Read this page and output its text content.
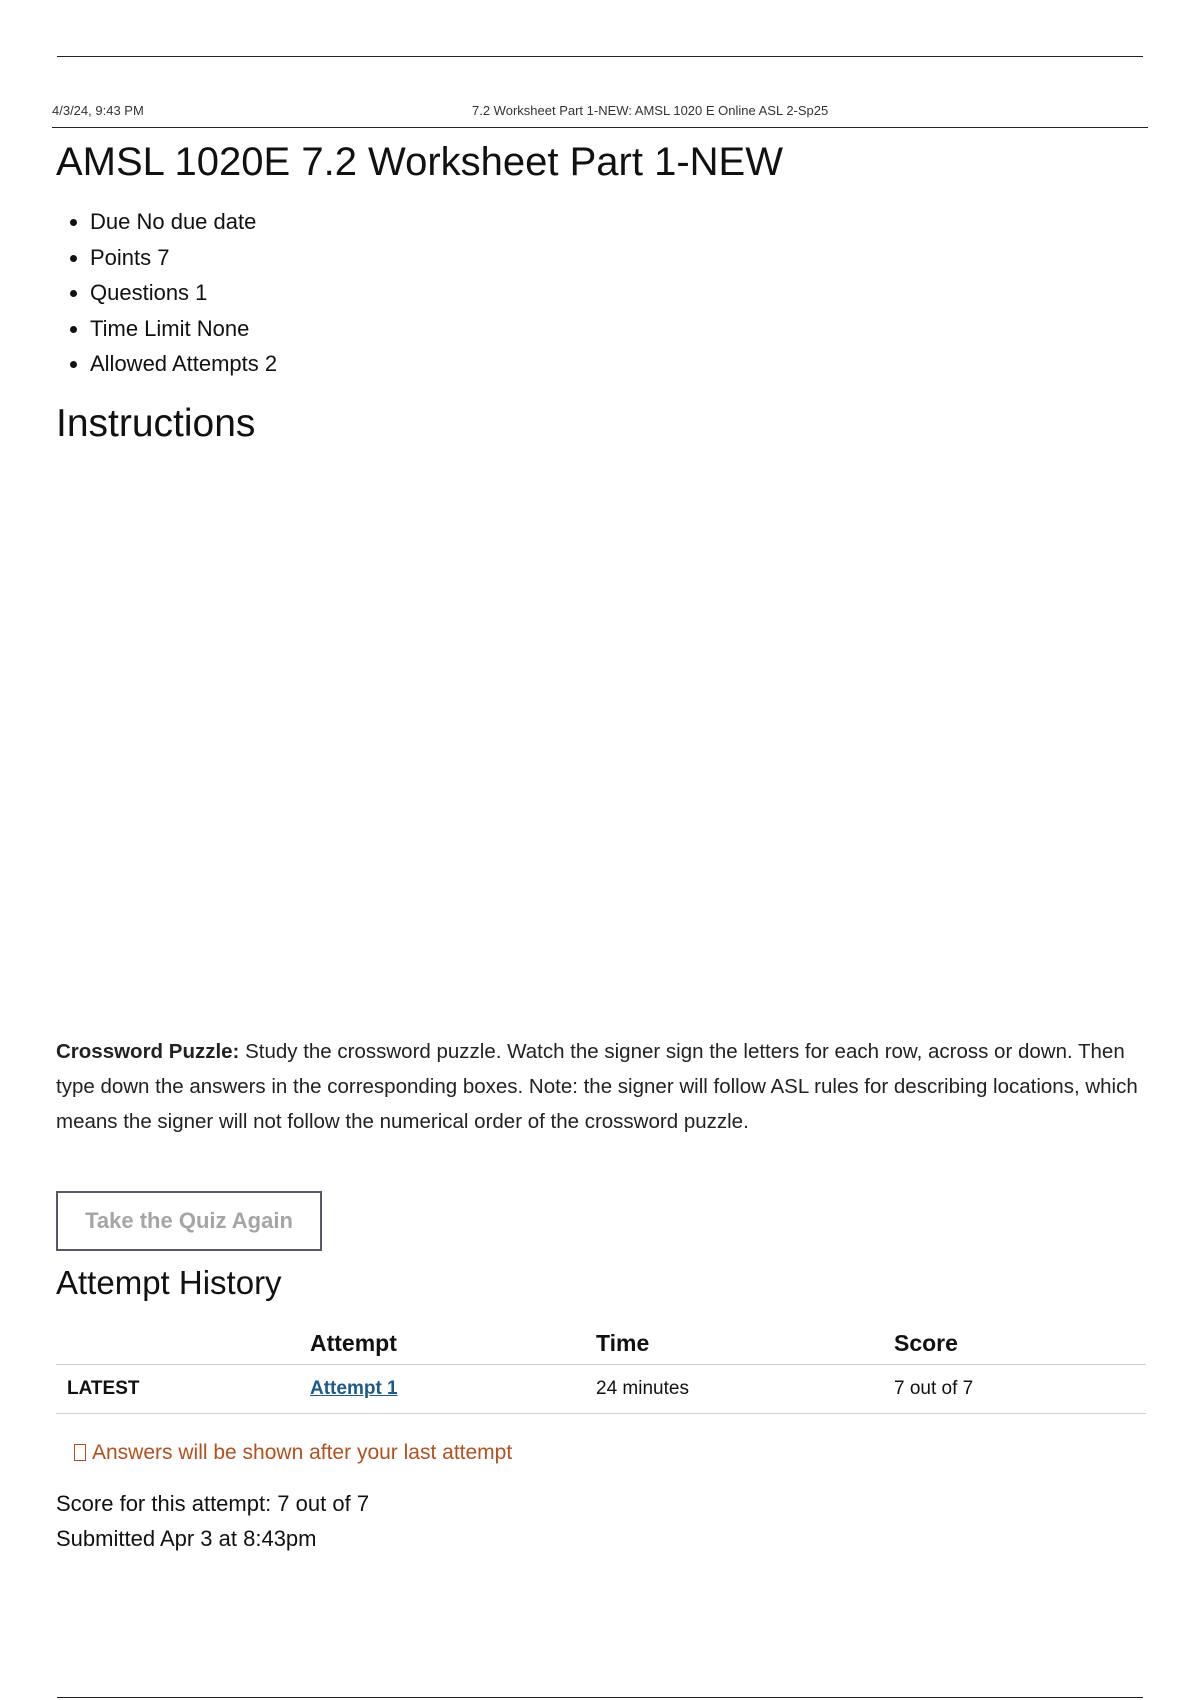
4/3/24, 9:43 PM	7.2 Worksheet Part 1-NEW: AMSL 1020 E Online ASL 2-Sp25
AMSL 1020E 7.2 Worksheet Part 1-NEW
• Due No due date
• Points 7
• Questions 1
• Time Limit None
• Allowed Attempts 2
Instructions

Crossword Puzzle: Study the crossword puzzle. Watch the signer sign the letters for each row, across or down. Then type down the answers in the corresponding boxes. Note: the signer will follow ASL rules for describing locations, which means the signer will not follow the numerical order of the crossword puzzle.

Take the Quiz Again
Attempt History
	Attempt	Time	Score
LATEST	Attempt 1	24 minutes	7 out of 7
Answers will be shown after your last attempt
Score for this attempt: 7 out of 7
Submitted Apr 3 at 8:43pm
